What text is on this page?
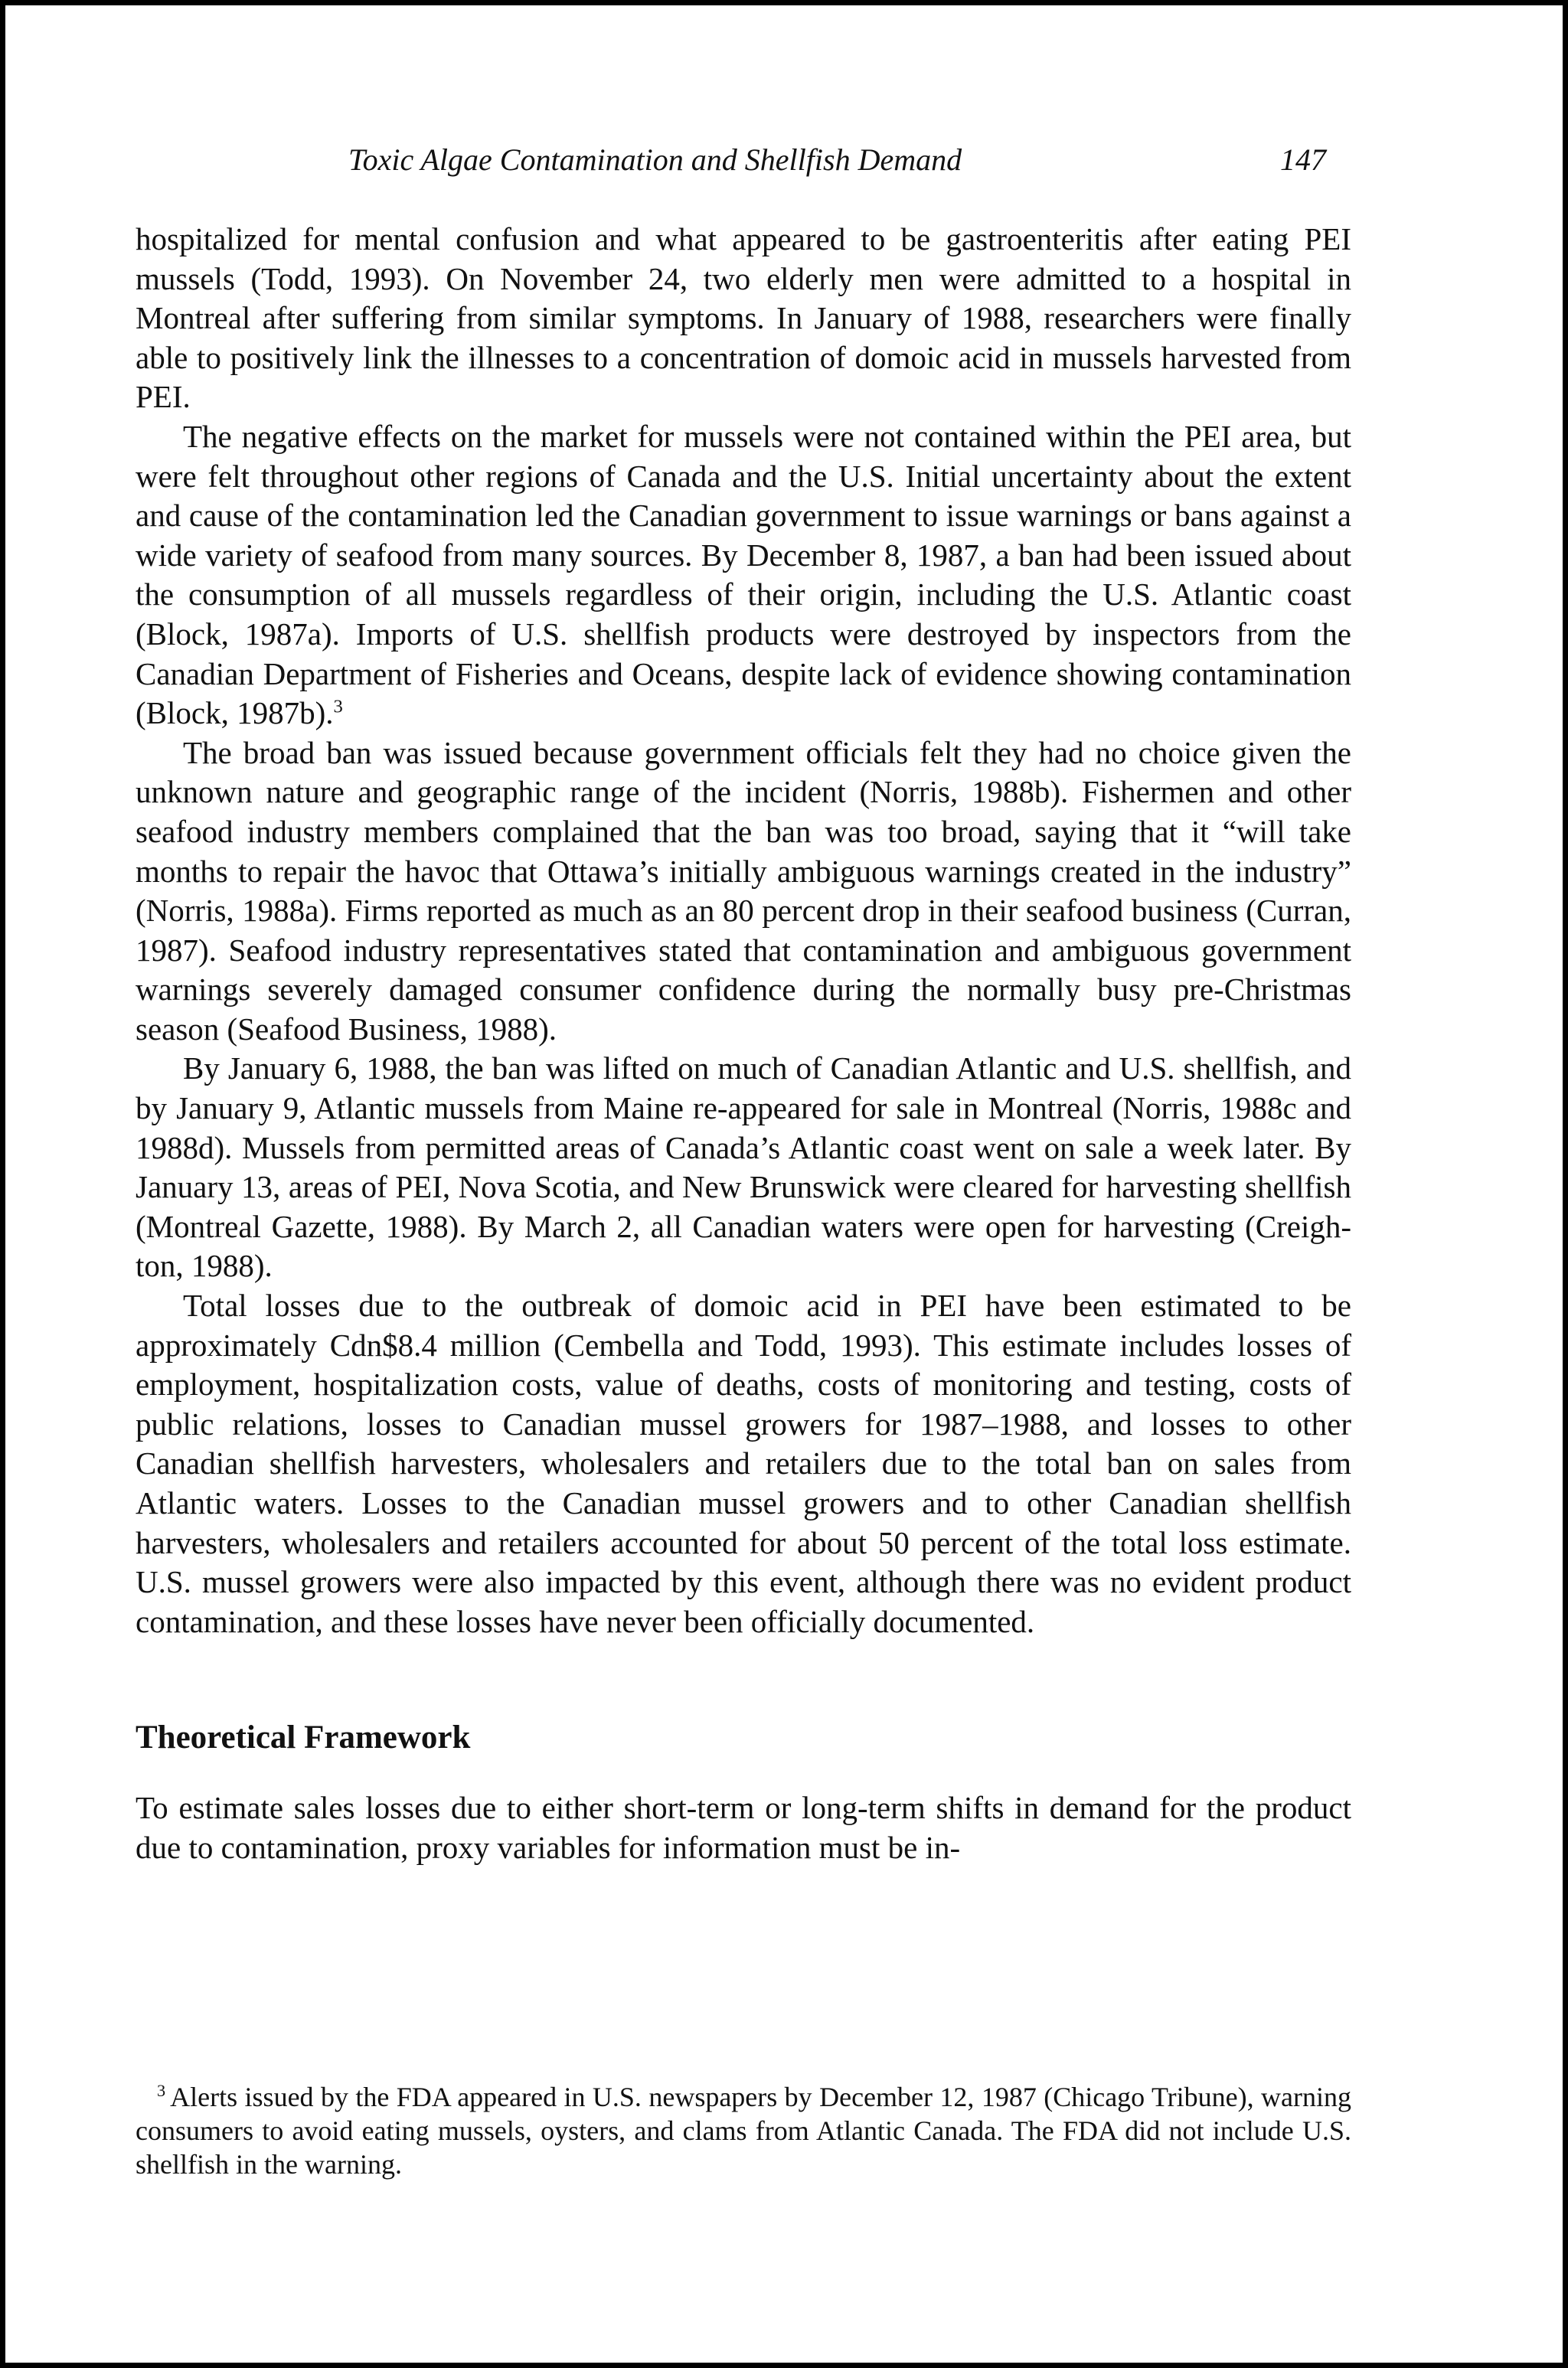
Toxic Algae Contamination and Shellfish Demand	147

hospitalized for mental confusion and what appeared to be gastroenteritis after eating PEI mussels (Todd, 1993). On November 24, two elderly men were admitted to a hospital in Montreal after suffering from similar symptoms. In January of 1988, researchers were finally able to positively link the illnesses to a concentration of domoic acid in mussels harvested from PEI.

The negative effects on the market for mussels were not contained within the PEI area, but were felt throughout other regions of Canada and the U.S. Initial uncertainty about the extent and cause of the contamination led the Canadian government to issue warnings or bans against a wide variety of seafood from many sources. By December 8, 1987, a ban had been issued about the consumption of all mussels regardless of their origin, including the U.S. Atlantic coast (Block, 1987a). Imports of U.S. shellfish products were destroyed by inspectors from the Canadian Department of Fisheries and Oceans, despite lack of evidence showing contamination (Block, 1987b).$^3$

The broad ban was issued because government officials felt they had no choice given the unknown nature and geographic range of the incident (Norris, 1988b). Fishermen and other seafood industry members complained that the ban was too broad, saying that it “will take months to repair the havoc that Ottawa’s initially ambiguous warnings created in the industry” (Norris, 1988a). Firms reported as much as an 80 percent drop in their seafood business (Curran, 1987). Seafood industry representatives stated that contamination and ambiguous government warnings severely damaged consumer confidence during the normally busy pre-Christmas season (Seafood Business, 1988).

By January 6, 1988, the ban was lifted on much of Canadian Atlantic and U.S. shellfish, and by January 9, Atlantic mussels from Maine re-appeared for sale in Montreal (Norris, 1988c and 1988d). Mussels from permitted areas of Canada’s Atlantic coast went on sale a week later. By January 13, areas of PEI, Nova Scotia, and New Brunswick were cleared for harvesting shellfish (Montreal Gazette, 1988). By March 2, all Canadian waters were open for harvesting (Creighton, 1988).

Total losses due to the outbreak of domoic acid in PEI have been estimated to be approximately Cdn$8.4 million (Cembella and Todd, 1993). This estimate includes losses of employment, hospitalization costs, value of deaths, costs of monitoring and testing, costs of public relations, losses to Canadian mussel growers for 1987–1988, and losses to other Canadian shellfish harvesters, wholesalers and retailers due to the total ban on sales from Atlantic waters. Losses to the Canadian mussel growers and to other Canadian shellfish harvesters, wholesalers and retailers accounted for about 50 percent of the total loss estimate. U.S. mussel growers were also impacted by this event, although there was no evident product contamination, and these losses have never been officially documented.

Theoretical Framework

To estimate sales losses due to either short-term or long-term shifts in demand for the product due to contamination, proxy variables for information must be in-

$^3$ Alerts issued by the FDA appeared in U.S. newspapers by December 12, 1987 (Chicago Tribune), warning consumers to avoid eating mussels, oysters, and clams from Atlantic Canada. The FDA did not include U.S. shellfish in the warning.
